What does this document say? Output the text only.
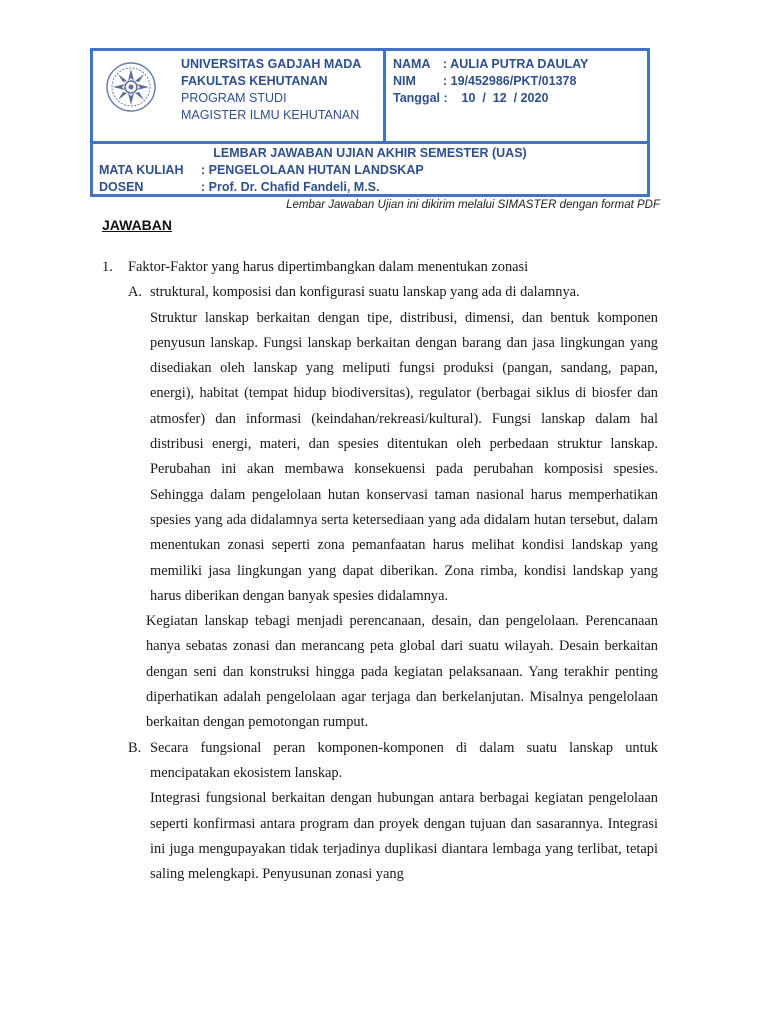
UNIVERSITAS GADJAH MADA
FAKULTAS KEHUTANAN
PROGRAM STUDI
MAGISTER ILMU KEHUTANAN
NAMA	: AULIA PUTRA DAULAY
NIM	: 19/452986/PKT/01378
Tanggal :    10  /  12  / 2020
LEMBAR JAWABAN UJIAN AKHIR SEMESTER (UAS)
MATA KULIAH	: PENGELOLAAN HUTAN LANDSKAP
DOSEN	: Prof. Dr. Chafid Fandeli, M.S.
Lembar Jawaban Ujian ini dikirim melalui SIMASTER dengan format PDF
JAWABAN
1.	Faktor-Faktor yang harus dipertimbangkan dalam menentukan zonasi
A. struktural, komposisi dan konfigurasi suatu lanskap yang ada di dalamnya.
Struktur lanskap berkaitan dengan tipe, distribusi, dimensi, dan bentuk komponen penyusun lanskap. Fungsi lanskap berkaitan dengan barang dan jasa lingkungan yang disediakan oleh lanskap yang meliputi fungsi produksi (pangan, sandang, papan, energi), habitat (tempat hidup biodiversitas), regulator (berbagai siklus di biosfer dan atmosfer) dan informasi (keindahan/rekreasi/kultural). Fungsi lanskap dalam hal distribusi energi, materi, dan spesies ditentukan oleh perbedaan struktur lanskap. Perubahan ini akan membawa konsekuensi pada perubahan komposisi spesies. Sehingga dalam pengelolaan hutan konservasi taman nasional harus memperhatikan spesies yang ada didalamnya serta ketersediaan yang ada didalam hutan tersebut, dalam menentukan zonasi seperti zona pemanfaatan harus melihat kondisi landskap yang memiliki jasa lingkungan yang dapat diberikan. Zona rimba, kondisi landskap yang harus diberikan dengan banyak spesies didalamnya.
Kegiatan lanskap tebagi menjadi perencanaan, desain, dan pengelolaan. Perencanaan hanya sebatas zonasi dan merancang peta global dari suatu wilayah. Desain berkaitan dengan seni dan konstruksi hingga pada kegiatan pelaksanaan. Yang terakhir penting diperhatikan adalah pengelolaan agar terjaga dan berkelanjutan. Misalnya pengelolaan berkaitan dengan pemotongan rumput.
B. Secara fungsional peran komponen-komponen di dalam suatu lanskap untuk mencipatakan ekosistem lanskap.
Integrasi fungsional berkaitan dengan hubungan antara berbagai kegiatan pengelolaan seperti konfirmasi antara program dan proyek dengan tujuan dan sasarannya. Integrasi ini juga mengupayakan tidak terjadinya duplikasi diantara lembaga yang terlibat, tetapi saling melengkapi. Penyusunan zonasi yang
